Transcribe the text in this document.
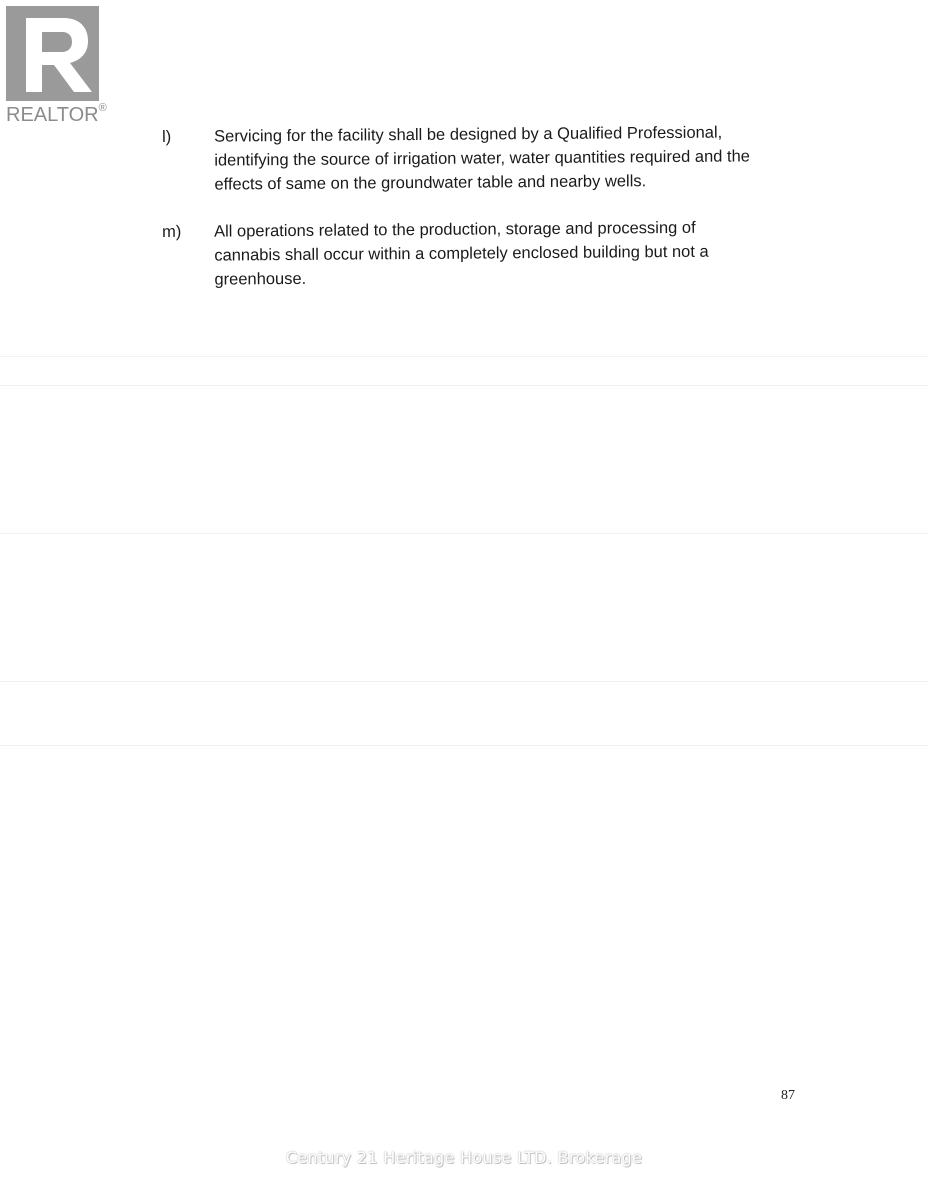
REALTOR®
l)	Servicing for the facility shall be designed by a Qualified Professional,
identifying the source of irrigation water, water quantities required and the
effects of same on the groundwater table and nearby wells.
m)	All operations related to the production, storage and processing of
cannabis shall occur within a completely enclosed building but not a
greenhouse.
87
Century 21 Heritage House LTD. Brokerage
